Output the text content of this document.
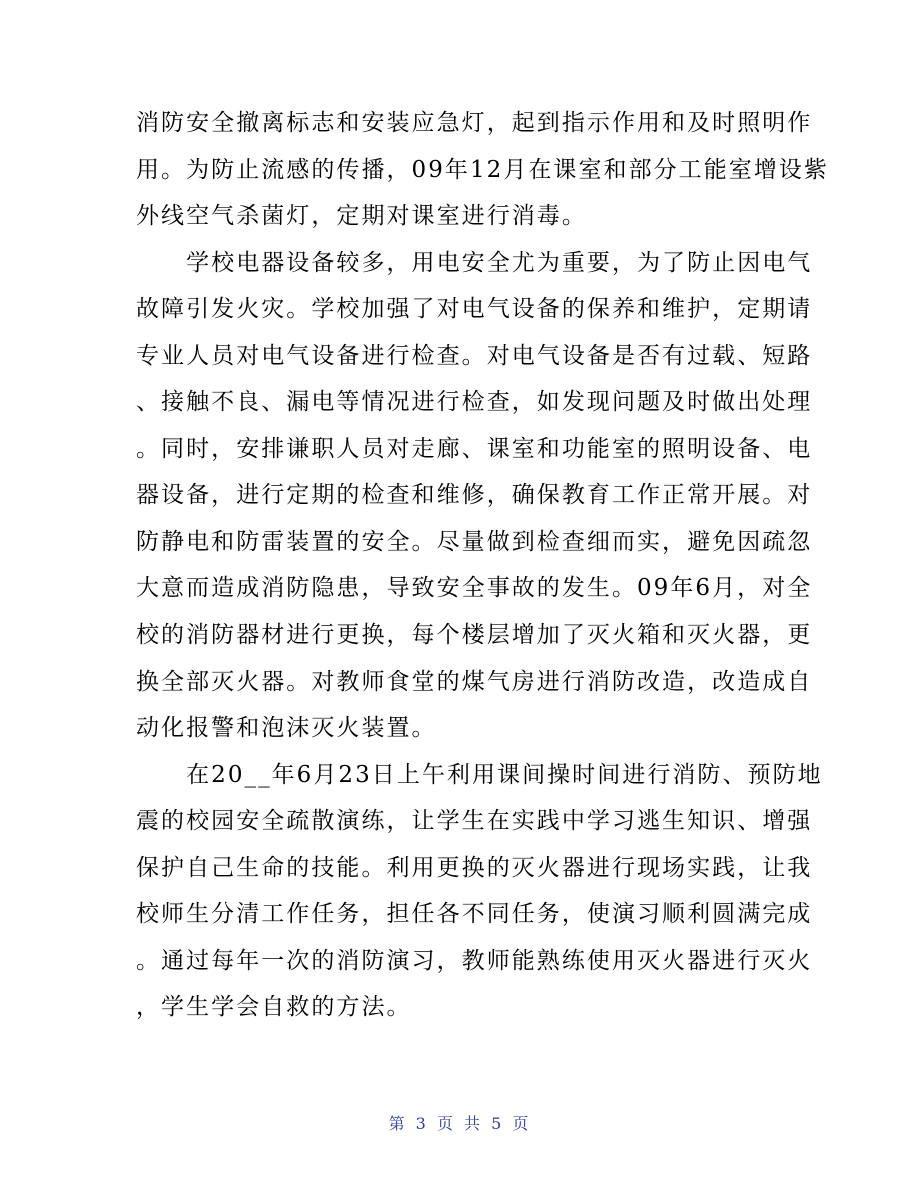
消防安全撤离标志和安装应急灯，起到指示作用和及时照明作
用。为防止流感的传播，09年12月在课室和部分工能室增设紫
外线空气杀菌灯，定期对课室进行消毒。
　　学校电器设备较多，用电安全尤为重要，为了防止因电气
故障引发火灾。学校加强了对电气设备的保养和维护，定期请
专业人员对电气设备进行检查。对电气设备是否有过载、短路
、接触不良、漏电等情况进行检查，如发现问题及时做出处理
。同时，安排谦职人员对走廊、课室和功能室的照明设备、电
器设备，进行定期的检查和维修，确保教育工作正常开展。对
防静电和防雷装置的安全。尽量做到检查细而实，避免因疏忽
大意而造成消防隐患，导致安全事故的发生。09年6月，对全
校的消防器材进行更换，每个楼层增加了灭火箱和灭火器，更
换全部灭火器。对教师食堂的煤气房进行消防改造，改造成自
动化报警和泡沫灭火装置。
　　在20__年6月23日上午利用课间操时间进行消防、预防地
震的校园安全疏散演练，让学生在实践中学习逃生知识、增强
保护自己生命的技能。利用更换的灭火器进行现场实践，让我
校师生分清工作任务，担任各不同任务，使演习顺利圆满完成
。通过每年一次的消防演习，教师能熟练使用灭火器进行灭火
，学生学会自救的方法。
第 3 页 共 5 页
